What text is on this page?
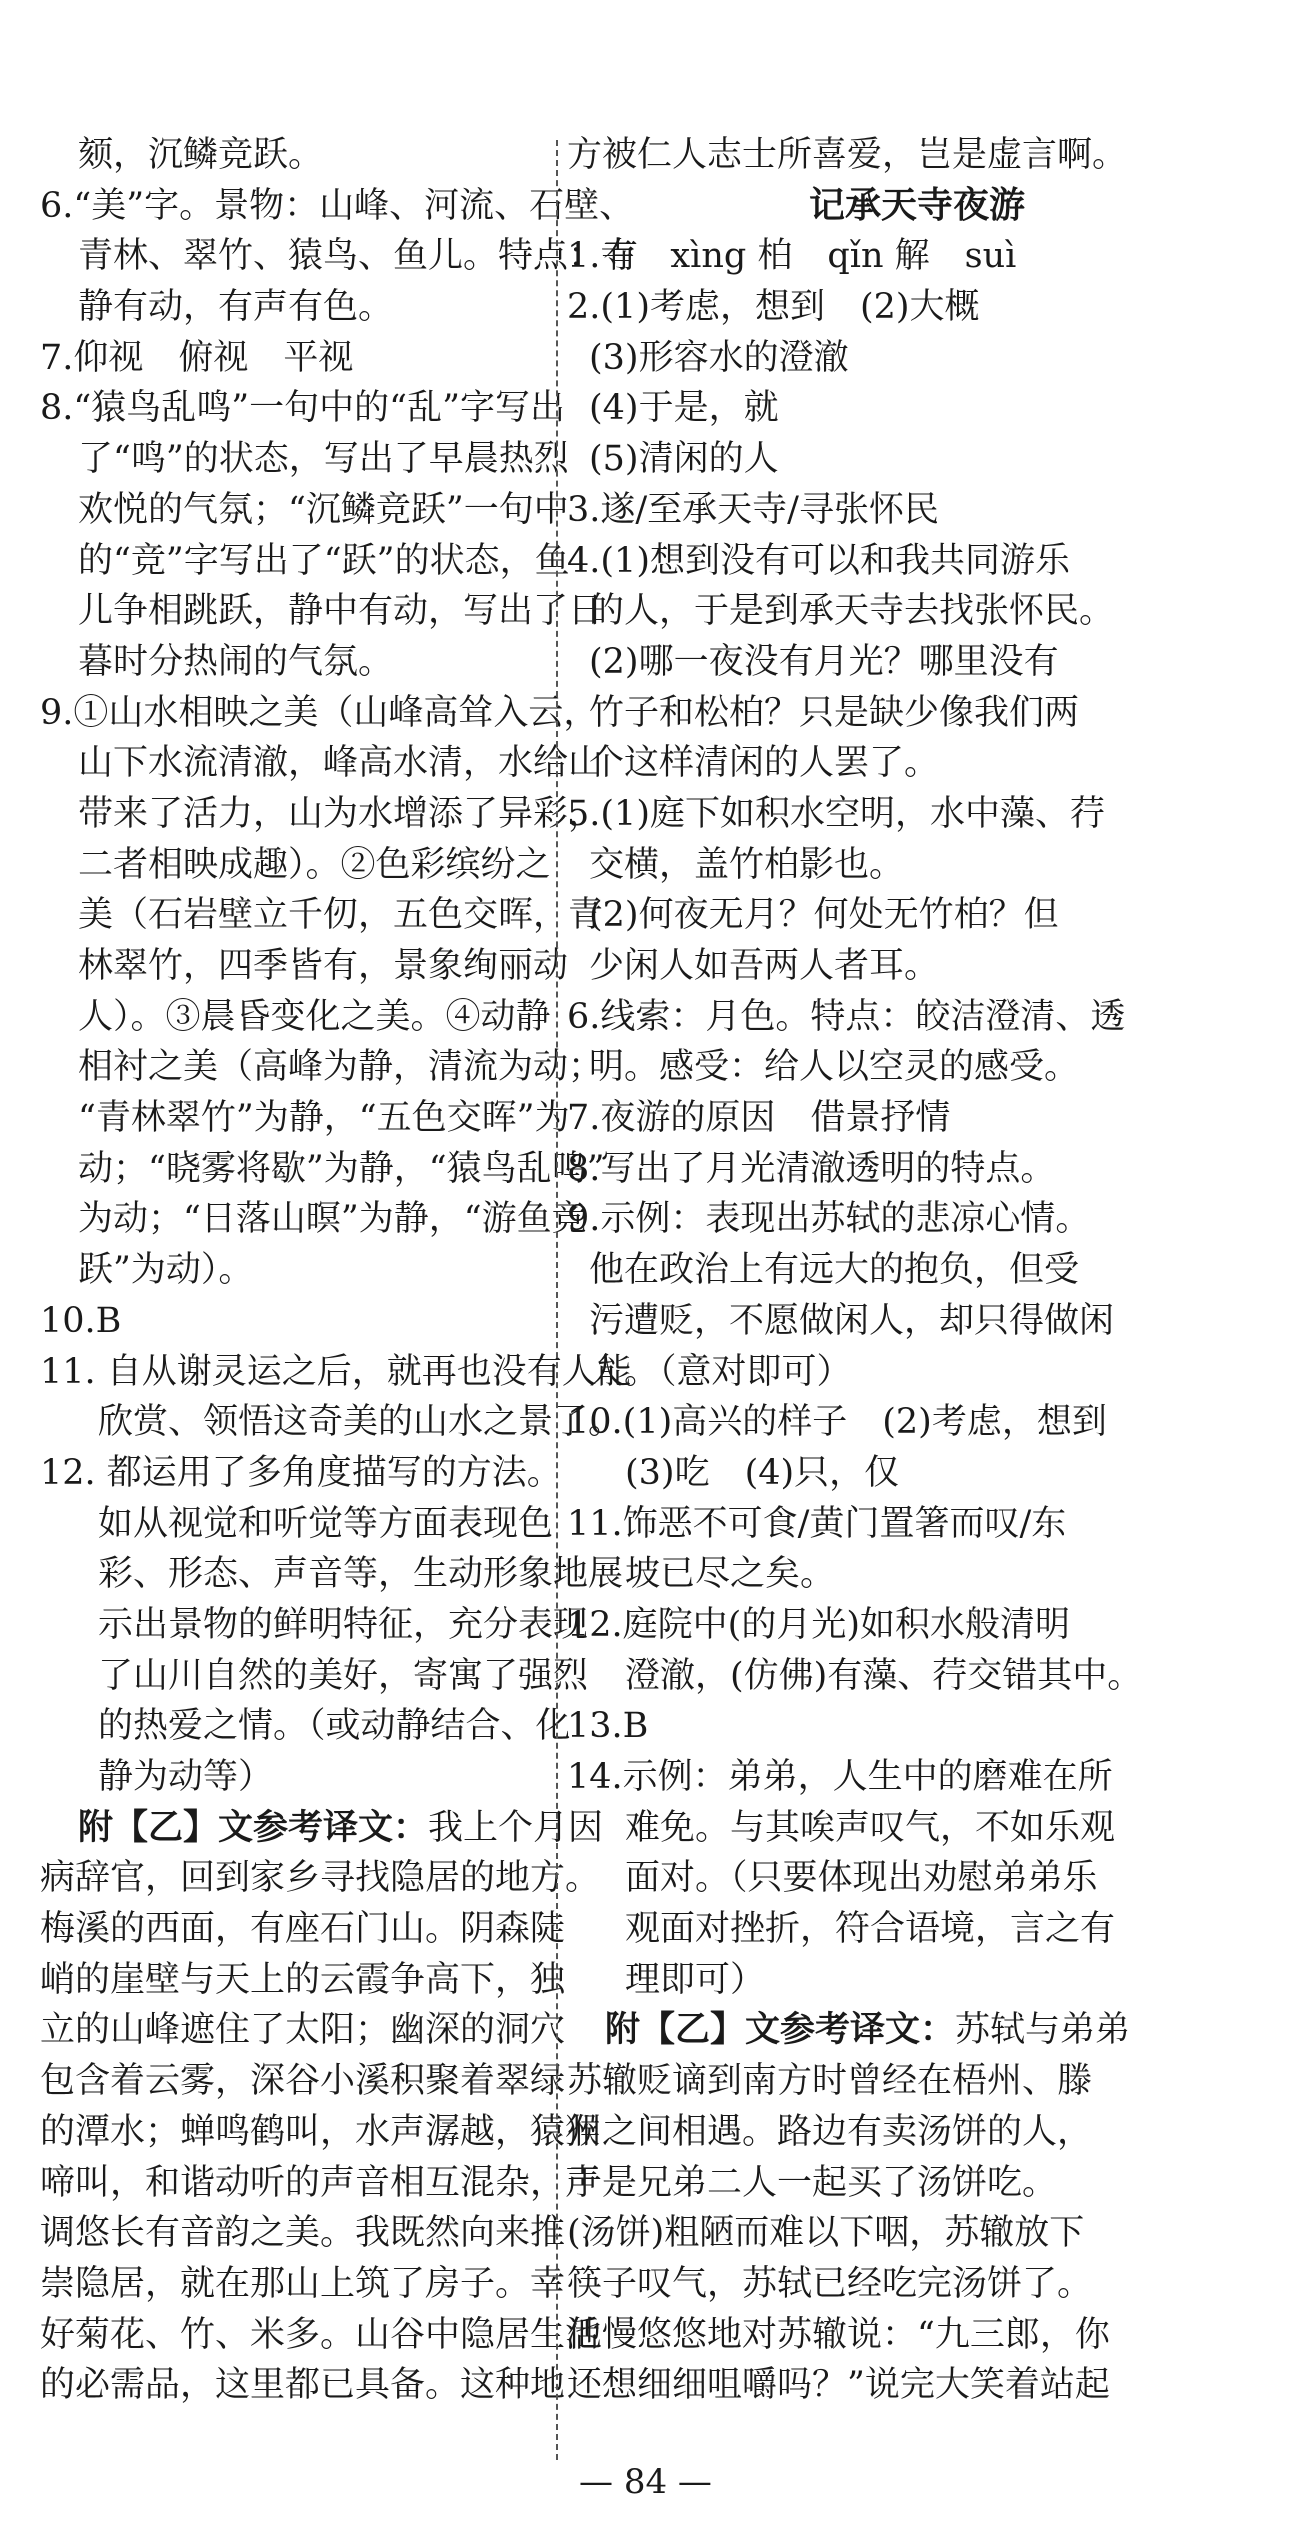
颏，沉鳞竞跃。
6.“美”字。景物：山峰、河流、石壁、
青林、翠竹、猿鸟、鱼儿。特点：有
静有动，有声有色。
7.仰视　俯视　平视
8.“猿鸟乱鸣”一句中的“乱”字写出
了“鸣”的状态，写出了早晨热烈
欢悦的气氛；“沉鳞竞跃”一句中
的“竞”字写出了“跃”的状态，鱼
儿争相跳跃，静中有动，写出了日
暮时分热闹的气氛。
9.①山水相映之美（山峰高耸入云，
山下水流清澈，峰高水清，水给山
带来了活力，山为水增添了异彩，
二者相映成趣）。②色彩缤纷之
美（石岩壁立千仞，五色交晖，青
林翠竹，四季皆有，景象绚丽动
人）。③晨昏变化之美。④动静
相衬之美（高峰为静，清流为动；
“青林翠竹”为静，“五色交晖”为
动；“晓雾将歇”为静，“猿鸟乱鸣”
为动；“日落山暝”为静，“游鱼竞
跃”为动）。
10.B
11. 自从谢灵运之后，就再也没有人能
欣赏、领悟这奇美的山水之景了。
12. 都运用了多角度描写的方法。
如从视觉和听觉等方面表现色
彩、形态、声音等，生动形象地展
示出景物的鲜明特征，充分表现
了山川自然的美好，寄寓了强烈
的热爱之情。（或动静结合、化
静为动等）
附【乙】文参考译文：我上个月因
病辞官，回到家乡寻找隐居的地方。
梅溪的西面，有座石门山。阴森陡
峭的崖壁与天上的云霞争高下，独
立的山峰遮住了太阳；幽深的洞穴
包含着云雾，深谷小溪积聚着翠绿
的潭水；蝉鸣鹤叫，水声潺越，猿猴
啼叫，和谐动听的声音相互混杂，声
调悠长有音韵之美。我既然向来推
崇隐居，就在那山上筑了房子。幸
好菊花、竹、米多。山谷中隐居生活
的必需品，这里都已具备。这种地
方被仁人志士所喜爱，岂是虚言啊。
记承天寺夜游
1.寺　xìng 柏　qǐn 解　suì
2.(1)考虑，想到　(2)大概
(3)形容水的澄澈
(4)于是，就
(5)清闲的人
3.遂/至承天寺/寻张怀民
4.(1)想到没有可以和我共同游乐
的人，于是到承天寺去找张怀民。
(2)哪一夜没有月光？哪里没有
竹子和松柏？只是缺少像我们两
个这样清闲的人罢了。
5.(1)庭下如积水空明，水中藻、荇
交横，盖竹柏影也。
(2)何夜无月？何处无竹柏？但
少闲人如吾两人者耳。
6.线索：月色。特点：皎洁澄清、透
明。感受：给人以空灵的感受。
7.夜游的原因　借景抒情
8.写出了月光清澈透明的特点。
9.示例：表现出苏轼的悲凉心情。
他在政治上有远大的抱负，但受
污遭贬，不愿做闲人，却只得做闲
人。（意对即可）
10.(1)高兴的样子　(2)考虑，想到
(3)吃　(4)只，仅
11.饰恶不可食/黄门置箸而叹/东
坡已尽之矣。
12.庭院中(的月光)如积水般清明
澄澈，(仿佛)有藻、荇交错其中。
13.B
14.示例：弟弟，人生中的磨难在所
难免。与其唉声叹气，不如乐观
面对。（只要体现出劝慰弟弟乐
观面对挫折，符合语境，言之有
理即可）
附【乙】文参考译文：苏轼与弟弟
苏辙贬谪到南方时曾经在梧州、滕
州之间相遇。路边有卖汤饼的人，
于是兄弟二人一起买了汤饼吃。
(汤饼)粗陋而难以下咽，苏辙放下
筷子叹气，苏轼已经吃完汤饼了。
他慢悠悠地对苏辙说：“九三郎，你
还想细细咀嚼吗？”说完大笑着站起
— 84 —
